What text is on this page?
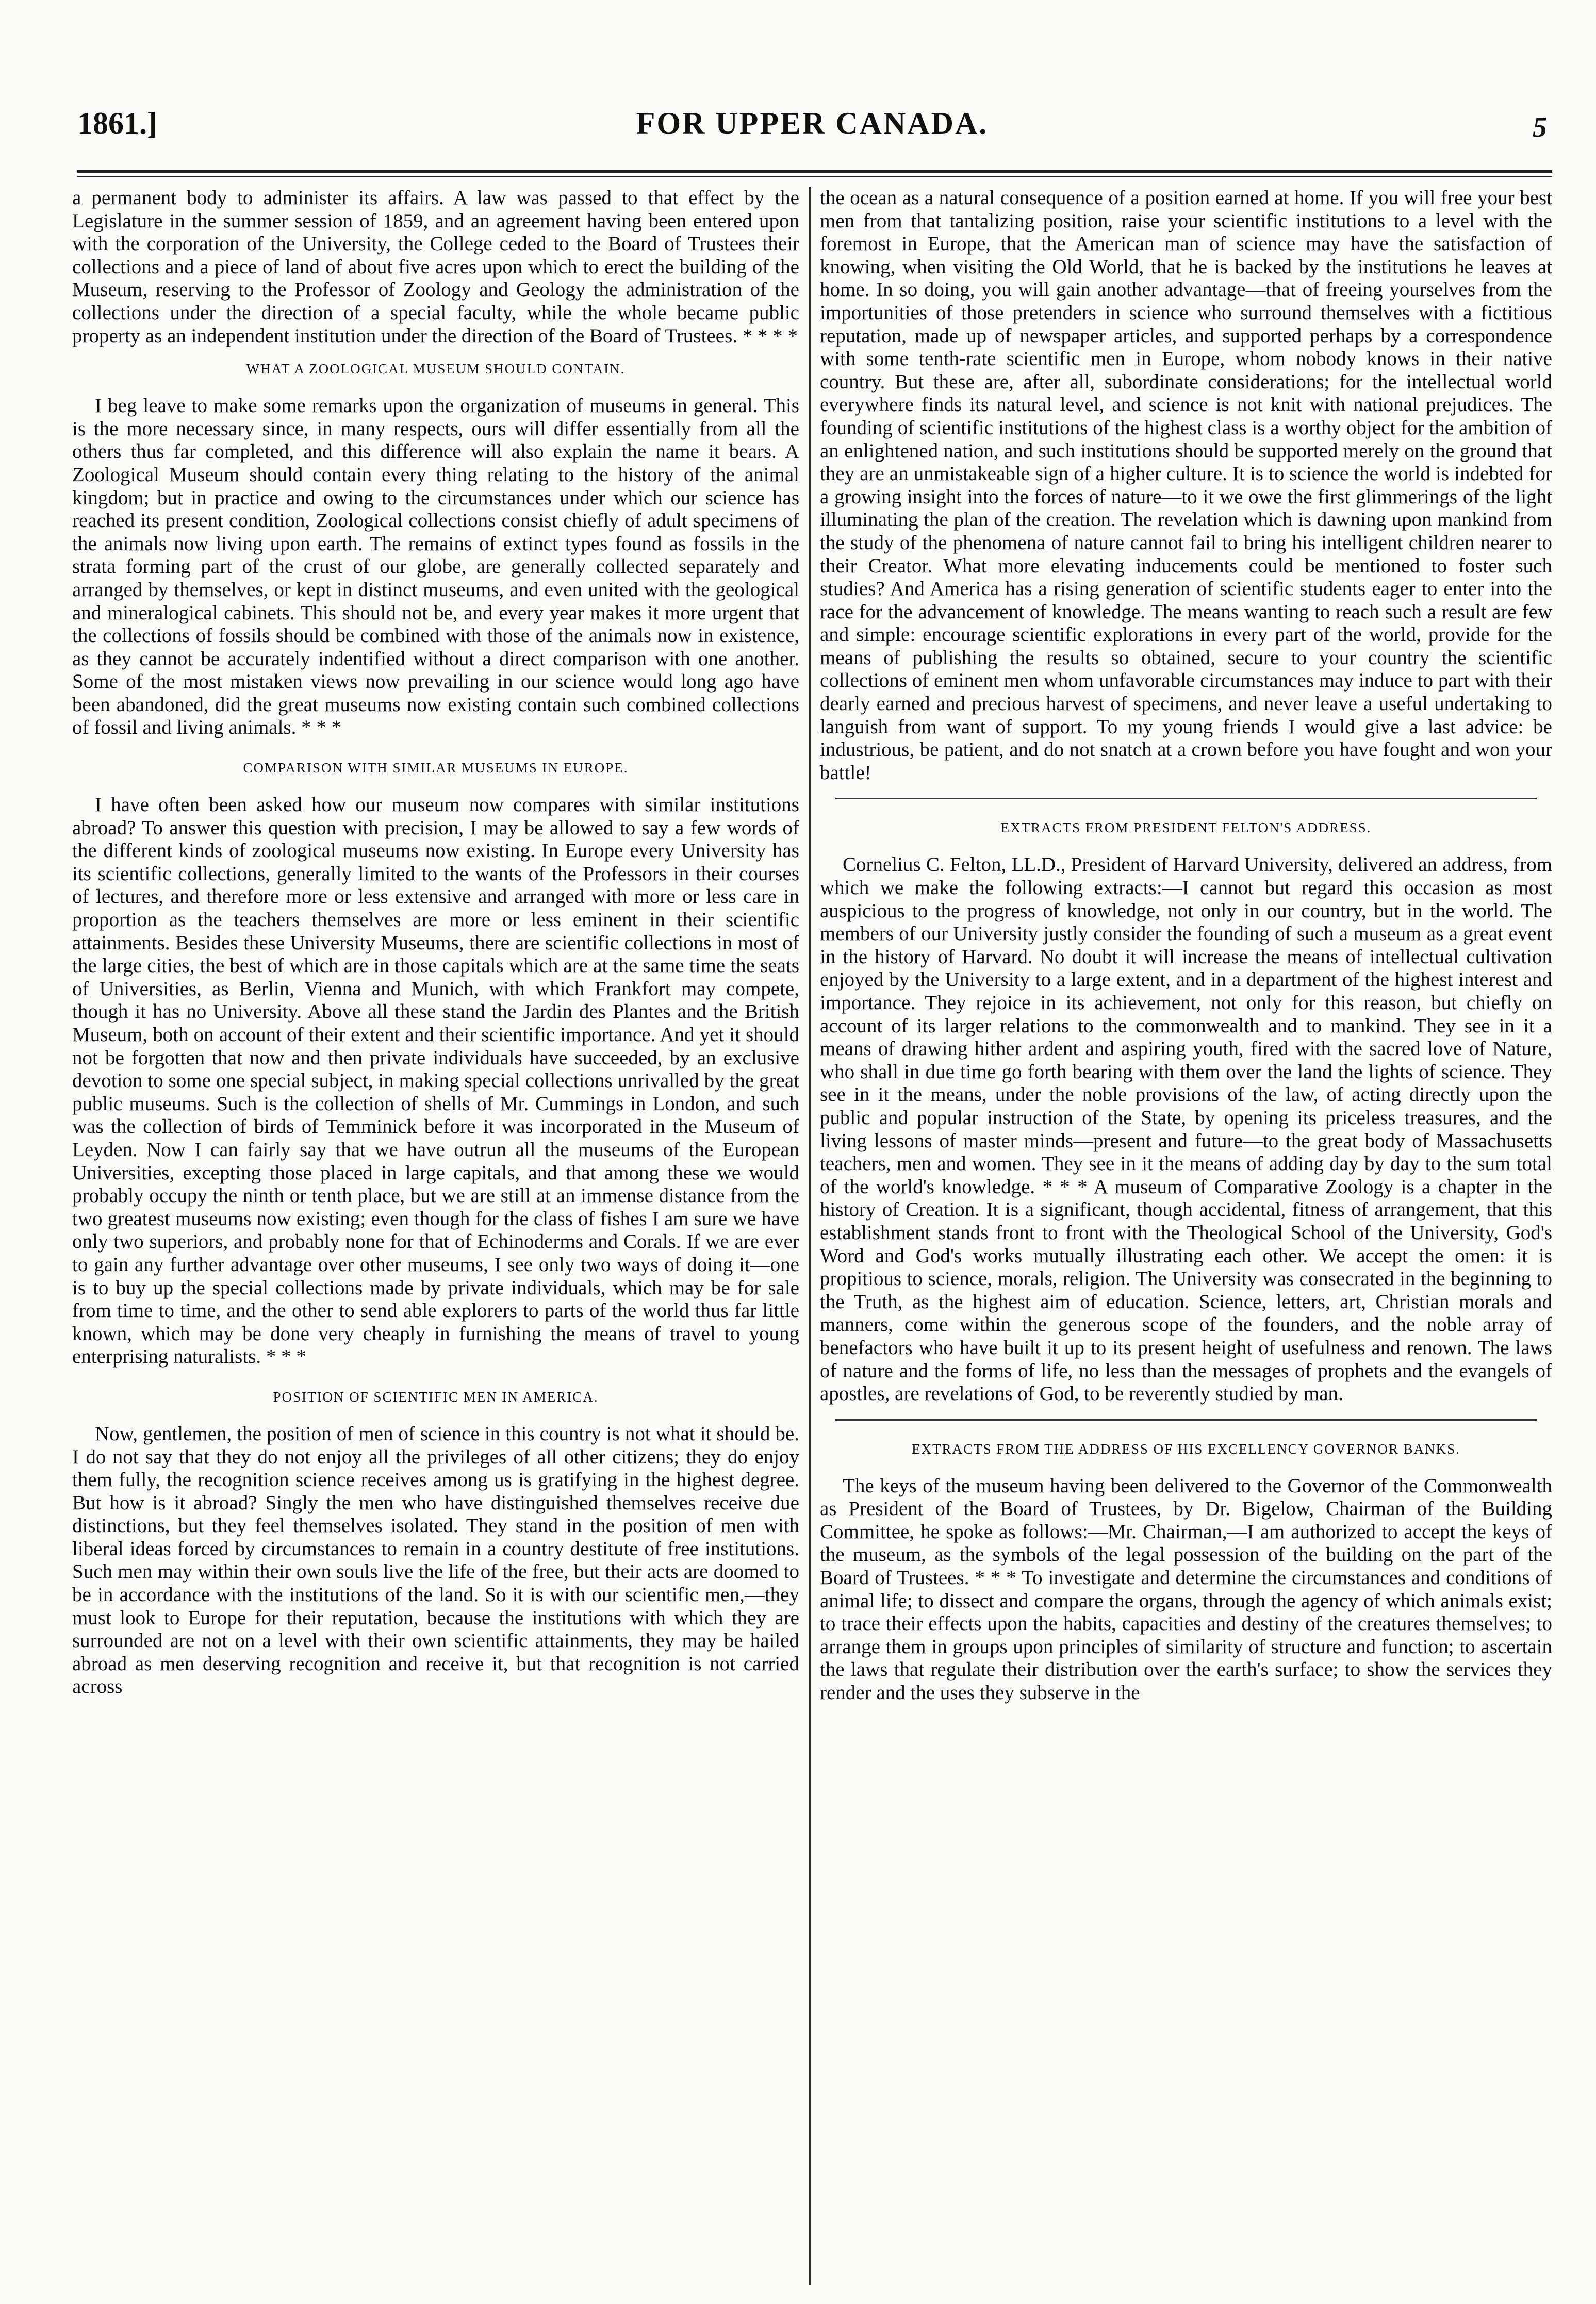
1861.]	FOR UPPER CANADA.	5

a permanent body to administer its affairs. A law was passed to that effect by the Legislature in the summer session of 1859, and an agreement having been entered upon with the corporation of the University, the College ceded to the Board of Trustees their collections and a piece of land of about five acres upon which to erect the building of the Museum, reserving to the Professor of Zoology and Geology the administration of the collections under the direction of a special faculty, while the whole became public property as an independent institution under the direction of the Board of Trustees. * * * *

WHAT A ZOOLOGICAL MUSEUM SHOULD CONTAIN.

I beg leave to make some remarks upon the organization of museums in general. This is the more necessary since, in many respects, ours will differ essentially from all the others thus far completed, and this difference will also explain the name it bears. A Zoological Museum should contain every thing relating to the history of the animal kingdom; but in practice and owing to the circumstances under which our science has reached its present condition, Zoological collections consist chiefly of adult specimens of the animals now living upon earth. The remains of extinct types found as fossils in the strata forming part of the crust of our globe, are generally collected separately and arranged by themselves, or kept in distinct museums, and even united with the geological and mineralogical cabinets. This should not be, and every year makes it more urgent that the collections of fossils should be combined with those of the animals now in existence, as they cannot be accurately indentified without a direct comparison with one another. Some of the most mistaken views now prevailing in our science would long ago have been abandoned, did the great museums now existing contain such combined collections of fossil and living animals. * * *

COMPARISON WITH SIMILAR MUSEUMS IN EUROPE.

I have often been asked how our museum now compares with similar institutions abroad? To answer this question with precision, I may be allowed to say a few words of the different kinds of zoological museums now existing. In Europe every University has its scientific collections, generally limited to the wants of the Professors in their courses of lectures, and therefore more or less extensive and arranged with more or less care in proportion as the teachers themselves are more or less eminent in their scientific attainments. Besides these University Museums, there are scientific collections in most of the large cities, the best of which are in those capitals which are at the same time the seats of Universities, as Berlin, Vienna and Munich, with which Frankfort may compete, though it has no University. Above all these stand the Jardin des Plantes and the British Museum, both on account of their extent and their scientific importance. And yet it should not be forgotten that now and then private individuals have succeeded, by an exclusive devotion to some one special subject, in making special collections unrivalled by the great public museums. Such is the collection of shells of Mr. Cummings in London, and such was the collection of birds of Temminick before it was incorporated in the Museum of Leyden. Now I can fairly say that we have outrun all the museums of the European Universities, excepting those placed in large capitals, and that among these we would probably occupy the ninth or tenth place, but we are still at an immense distance from the two greatest museums now existing; even though for the class of fishes I am sure we have only two superiors, and probably none for that of Echinoderms and Corals. If we are ever to gain any further advantage over other museums, I see only two ways of doing it—one is to buy up the special collections made by private individuals, which may be for sale from time to time, and the other to send able explorers to parts of the world thus far little known, which may be done very cheaply in furnishing the means of travel to young enterprising naturalists. * * *

POSITION OF SCIENTIFIC MEN IN AMERICA.

Now, gentlemen, the position of men of science in this country is not what it should be. I do not say that they do not enjoy all the privileges of all other citizens; they do enjoy them fully, the recognition science receives among us is gratifying in the highest degree. But how is it abroad? Singly the men who have distinguished themselves receive due distinctions, but they feel themselves isolated. They stand in the position of men with liberal ideas forced by circumstances to remain in a country destitute of free institutions. Such men may within their own souls live the life of the free, but their acts are doomed to be in accordance with the institutions of the land. So it is with our scientific men,—they must look to Europe for their reputation, because the institutions with which they are surrounded are not on a level with their own scientific attainments, they may be hailed abroad as men deserving recognition and receive it, but that recognition is not carried across

the ocean as a natural consequence of a position earned at home. If you will free your best men from that tantalizing position, raise your scientific institutions to a level with the foremost in Europe, that the American man of science may have the satisfaction of knowing, when visiting the Old World, that he is backed by the institutions he leaves at home. In so doing, you will gain another advantage—that of freeing yourselves from the importunities of those pretenders in science who surround themselves with a fictitious reputation, made up of newspaper articles, and supported perhaps by a correspondence with some tenth-rate scientific men in Europe, whom nobody knows in their native country. But these are, after all, subordinate considerations; for the intellectual world everywhere finds its natural level, and science is not knit with national prejudices. The founding of scientific institutions of the highest class is a worthy object for the ambition of an enlightened nation, and such institutions should be supported merely on the ground that they are an unmistakeable sign of a higher culture. It is to science the world is indebted for a growing insight into the forces of nature—to it we owe the first glimmerings of the light illuminating the plan of the creation. The revelation which is dawning upon mankind from the study of the phenomena of nature cannot fail to bring his intelligent children nearer to their Creator. What more elevating inducements could be mentioned to foster such studies? And America has a rising generation of scientific students eager to enter into the race for the advancement of knowledge. The means wanting to reach such a result are few and simple: encourage scientific explorations in every part of the world, provide for the means of publishing the results so obtained, secure to your country the scientific collections of eminent men whom unfavorable circumstances may induce to part with their dearly earned and precious harvest of specimens, and never leave a useful undertaking to languish from want of support. To my young friends I would give a last advice: be industrious, be patient, and do not snatch at a crown before you have fought and won your battle!

EXTRACTS FROM PRESIDENT FELTON'S ADDRESS.

Cornelius C. Felton, LL.D., President of Harvard University, delivered an address, from which we make the following extracts:—I cannot but regard this occasion as most auspicious to the progress of knowledge, not only in our country, but in the world. The members of our University justly consider the founding of such a museum as a great event in the history of Harvard. No doubt it will increase the means of intellectual cultivation enjoyed by the University to a large extent, and in a department of the highest interest and importance. They rejoice in its achievement, not only for this reason, but chiefly on account of its larger relations to the commonwealth and to mankind. They see in it a means of drawing hither ardent and aspiring youth, fired with the sacred love of Nature, who shall in due time go forth bearing with them over the land the lights of science. They see in it the means, under the noble provisions of the law, of acting directly upon the public and popular instruction of the State, by opening its priceless treasures, and the living lessons of master minds—present and future—to the great body of Massachusetts teachers, men and women. They see in it the means of adding day by day to the sum total of the world's knowledge. * * * A museum of Comparative Zoology is a chapter in the history of Creation. It is a significant, though accidental, fitness of arrangement, that this establishment stands front to front with the Theological School of the University, God's Word and God's works mutually illustrating each other. We accept the omen: it is propitious to science, morals, religion. The University was consecrated in the beginning to the Truth, as the highest aim of education. Science, letters, art, Christian morals and manners, come within the generous scope of the founders, and the noble array of benefactors who have built it up to its present height of usefulness and renown. The laws of nature and the forms of life, no less than the messages of prophets and the evangels of apostles, are revelations of God, to be reverently studied by man.

EXTRACTS FROM THE ADDRESS OF HIS EXCELLENCY GOVERNOR BANKS.

The keys of the museum having been delivered to the Governor of the Commonwealth as President of the Board of Trustees, by Dr. Bigelow, Chairman of the Building Committee, he spoke as follows:—Mr. Chairman,—I am authorized to accept the keys of the museum, as the symbols of the legal possession of the building on the part of the Board of Trustees. * * * To investigate and determine the circumstances and conditions of animal life; to dissect and compare the organs, through the agency of which animals exist; to trace their effects upon the habits, capacities and destiny of the creatures themselves; to arrange them in groups upon principles of similarity of structure and function; to ascertain the laws that regulate their distribution over the earth's surface; to show the services they render and the uses they subserve in the
